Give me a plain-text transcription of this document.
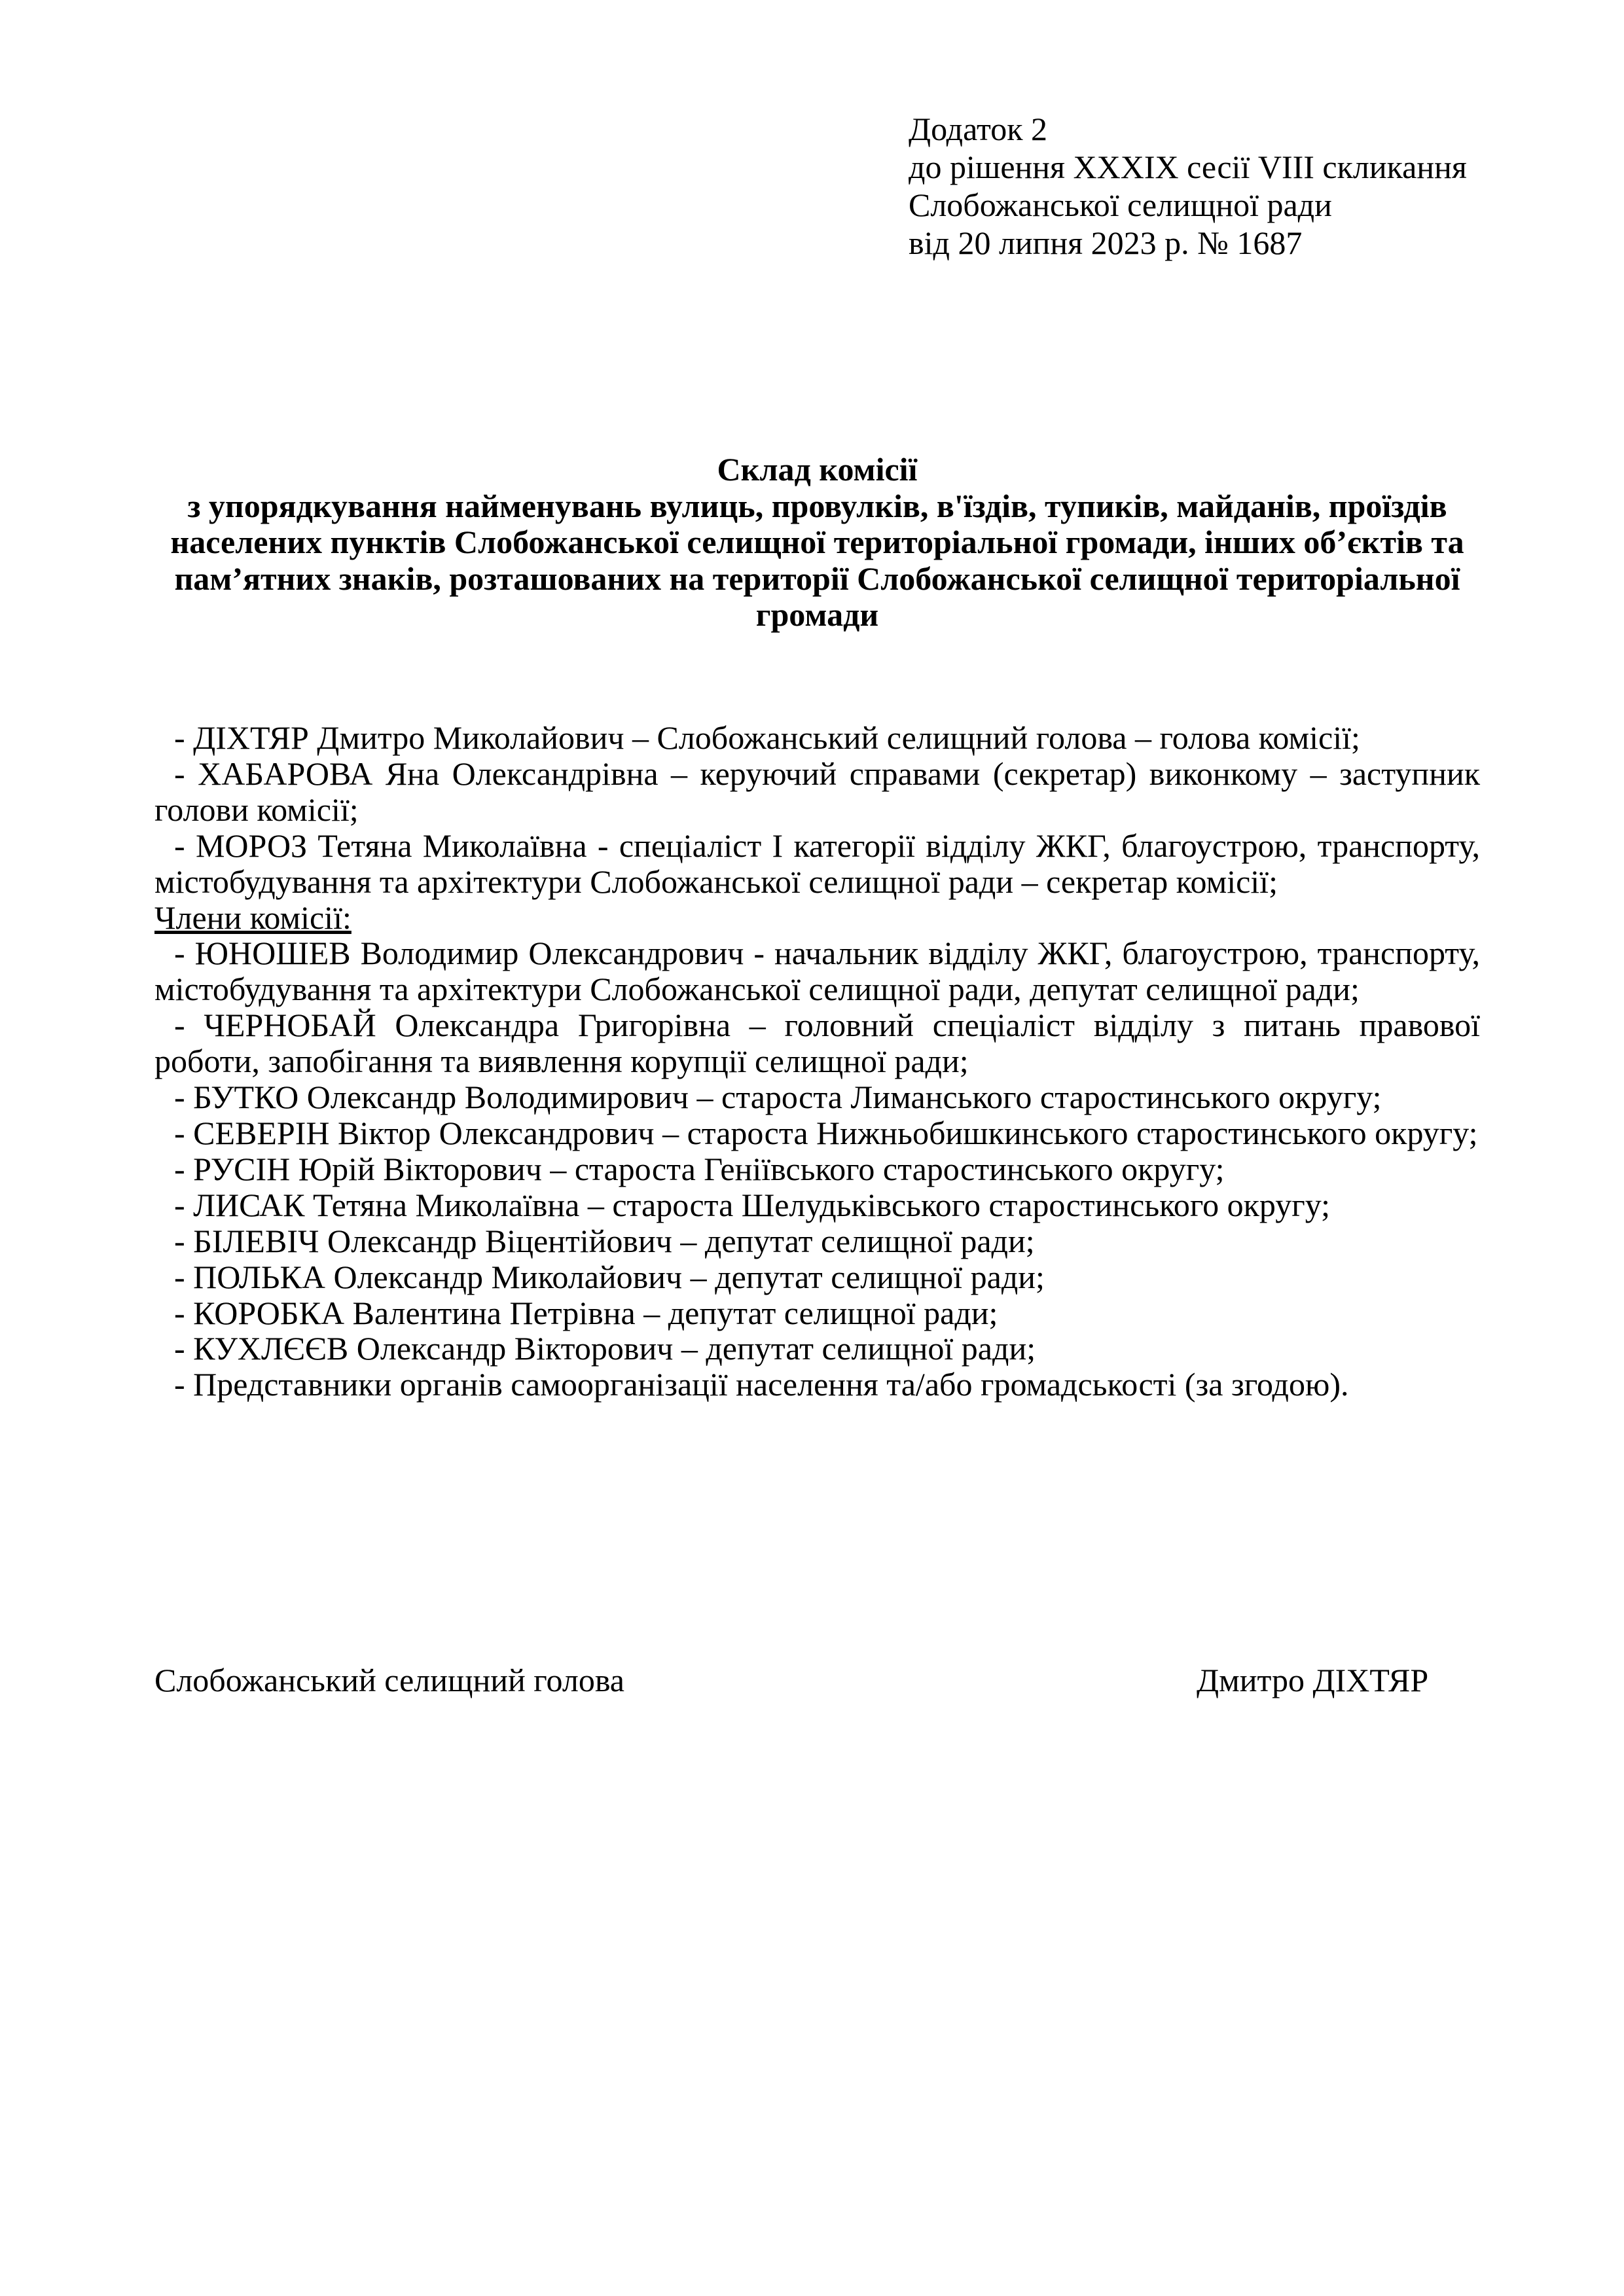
Додаток 2
до рішення XXXIX сесії VIII скликання
Слобожанської селищної ради
від 20 липня 2023 р. № 1687
Склад комісії
з упорядкування найменувань вулиць, провулків, в'їздів, тупиків, майданів, проїздів населених пунктів Слобожанської селищної територіальної громади, інших об’єктів та пам’ятних знаків, розташованих на території Слобожанської селищної територіальної громади

- ДІХТЯР Дмитро Миколайович – Слобожанський селищний голова – голова комісії;

- ХАБАРОВА Яна Олександрівна – керуючий справами (секретар) виконкому – заступник голови комісії;

- МОРОЗ Тетяна Миколаївна - спеціаліст I категорії відділу ЖКГ, благоустрою, транспорту, містобудування та архітектури Слобожанської селищної ради – секретар комісії;

Члени комісії:

- ЮНОШЕВ Володимир Олександрович - начальник відділу ЖКГ, благоустрою, транспорту, містобудування та архітектури Слобожанської селищної ради, депутат селищної ради;

- ЧЕРНОБАЙ Олександра Григорівна – головний спеціаліст відділу з питань правової роботи, запобігання та виявлення корупції селищної ради;

- БУТКО Олександр Володимирович – староста Лиманського старостинського округу;

- СЕВЕРІН Віктор Олександрович – староста Нижньобишкинського старостинського округу;

- РУСІН Юрій Вікторович – староста Геніївського старостинського округу;

- ЛИСАК Тетяна Миколаївна – староста Шелудьківського старостинського округу;

- БІЛЕВІЧ Олександр Віцентійович – депутат селищної ради;

- ПОЛЬКА Олександр Миколайович – депутат селищної ради;

- КОРОБКА Валентина Петрівна – депутат селищної ради;

- КУХЛЄЄВ Олександр Вікторович – депутат селищної ради;

- Представники органів самоорганізації населення та/або громадськості (за згодою).

Слобожанський селищний голова	Дмитро ДІХТЯР
